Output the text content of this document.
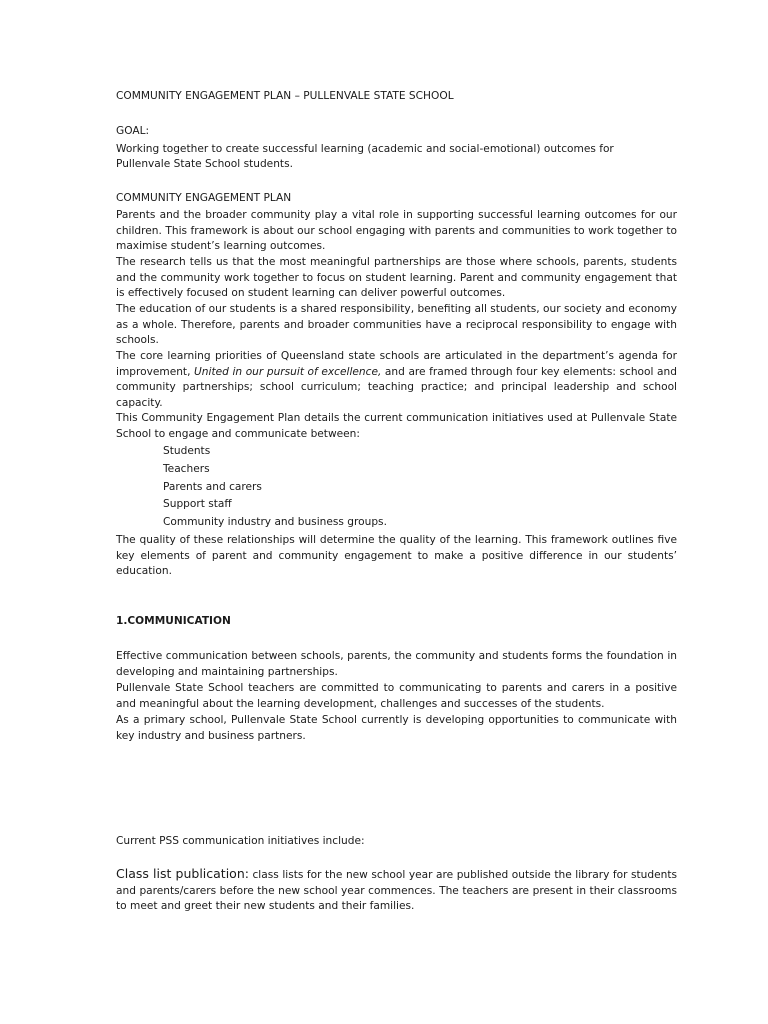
COMMUNITY ENGAGEMENT PLAN – PULLENVALE STATE SCHOOL

GOAL:

Working together to create successful learning (academic and social-emotional) outcomes for

Pullenvale State School students.

COMMUNITY ENGAGEMENT PLAN

Parents and the broader community play a vital role in supporting successful learning outcomes for our children. This framework is about our school engaging with parents and communities to work together to maximise student’s learning outcomes.

The research tells us that the most meaningful partnerships are those where schools, parents, students and the community work together to focus on student learning. Parent and community engagement that is effectively focused on student learning can deliver powerful outcomes.

The education of our students is a shared responsibility, benefiting all students, our society and economy as a whole. Therefore, parents and broader communities have a reciprocal responsibility to engage with schools.

The core learning priorities of Queensland state schools are articulated in the department’s agenda for improvement, United in our pursuit of excellence, and are framed through four key elements: school and community partnerships; school curriculum; teaching practice; and principal leadership and school capacity.

This Community Engagement Plan details the current communication initiatives used at Pullenvale State School to engage and communicate between:

Students

Teachers

Parents and carers

Support staff

Community industry and business groups.

The quality of these relationships will determine the quality of the learning. This framework outlines five key elements of parent and community engagement to make a positive difference in our students’ education.

1.COMMUNICATION

Effective communication between schools, parents, the community and students forms the foundation in developing and maintaining partnerships.

Pullenvale State School teachers are committed to communicating to parents and carers in a positive and meaningful about the learning development, challenges and successes of the students.

As a primary school, Pullenvale State School currently is developing opportunities to communicate with key industry and business partners.

Current PSS communication initiatives include:

Class list publication: class lists for the new school year are published outside the library for students and parents/carers before the new school year commences. The teachers are present in their classrooms to meet and greet their new students and their families.
